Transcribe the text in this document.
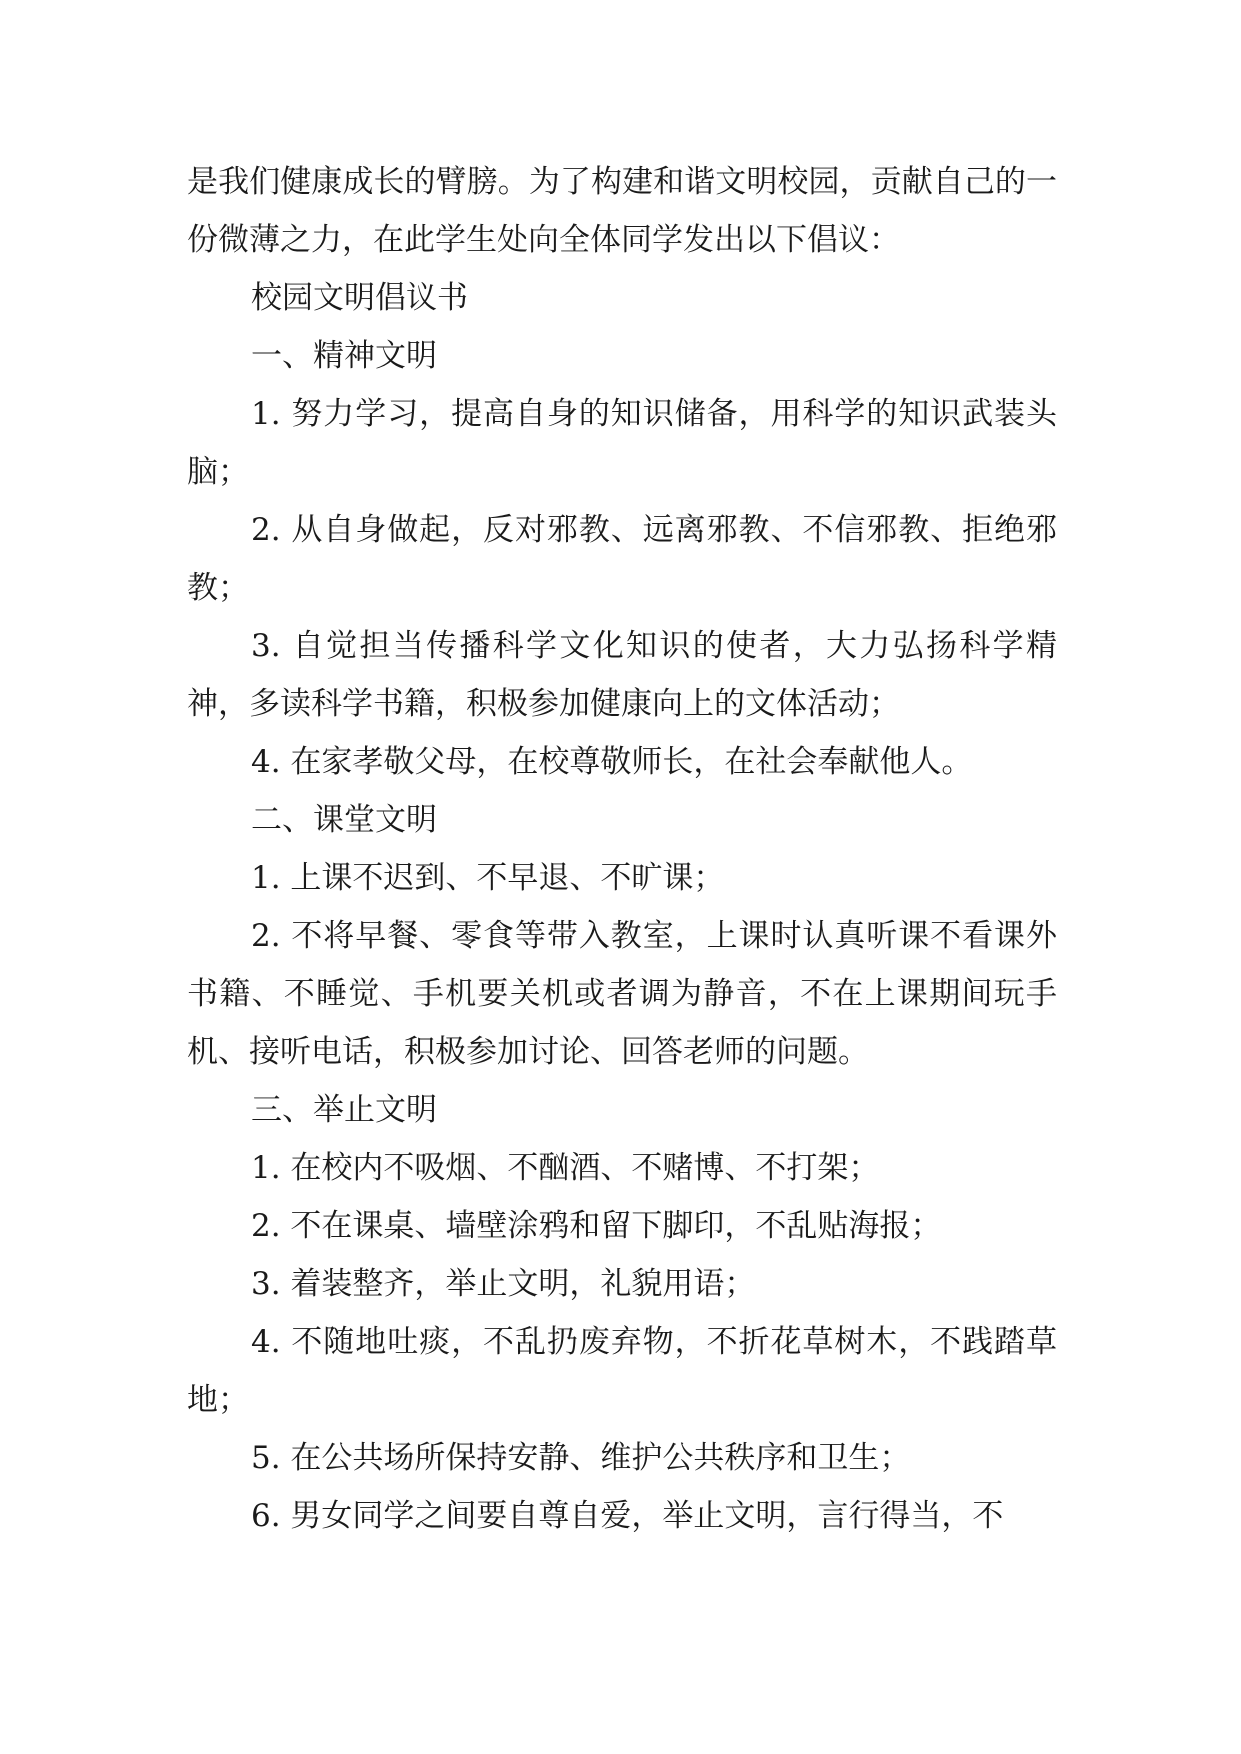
是我们健康成长的臂膀。为了构建和谐文明校园，贡献自己的一份微薄之力，在此学生处向全体同学发出以下倡议：

校园文明倡议书

一、精神文明

1. 努力学习，提高自身的知识储备，用科学的知识武装头脑；

2. 从自身做起，反对邪教、远离邪教、不信邪教、拒绝邪教；

3. 自觉担当传播科学文化知识的使者，大力弘扬科学精神，多读科学书籍，积极参加健康向上的文体活动；

4. 在家孝敬父母，在校尊敬师长，在社会奉献他人。

二、课堂文明

1. 上课不迟到、不早退、不旷课；

2. 不将早餐、零食等带入教室，上课时认真听课不看课外书籍、不睡觉、手机要关机或者调为静音，不在上课期间玩手机、接听电话，积极参加讨论、回答老师的问题。

三、举止文明

1. 在校内不吸烟、不酗酒、不赌博、不打架；

2. 不在课桌、墙壁涂鸦和留下脚印，不乱贴海报；

3. 着装整齐，举止文明，礼貌用语；

4. 不随地吐痰，不乱扔废弃物，不折花草树木，不践踏草地；

5. 在公共场所保持安静、维护公共秩序和卫生；

6. 男女同学之间要自尊自爱，举止文明，言行得当，不
